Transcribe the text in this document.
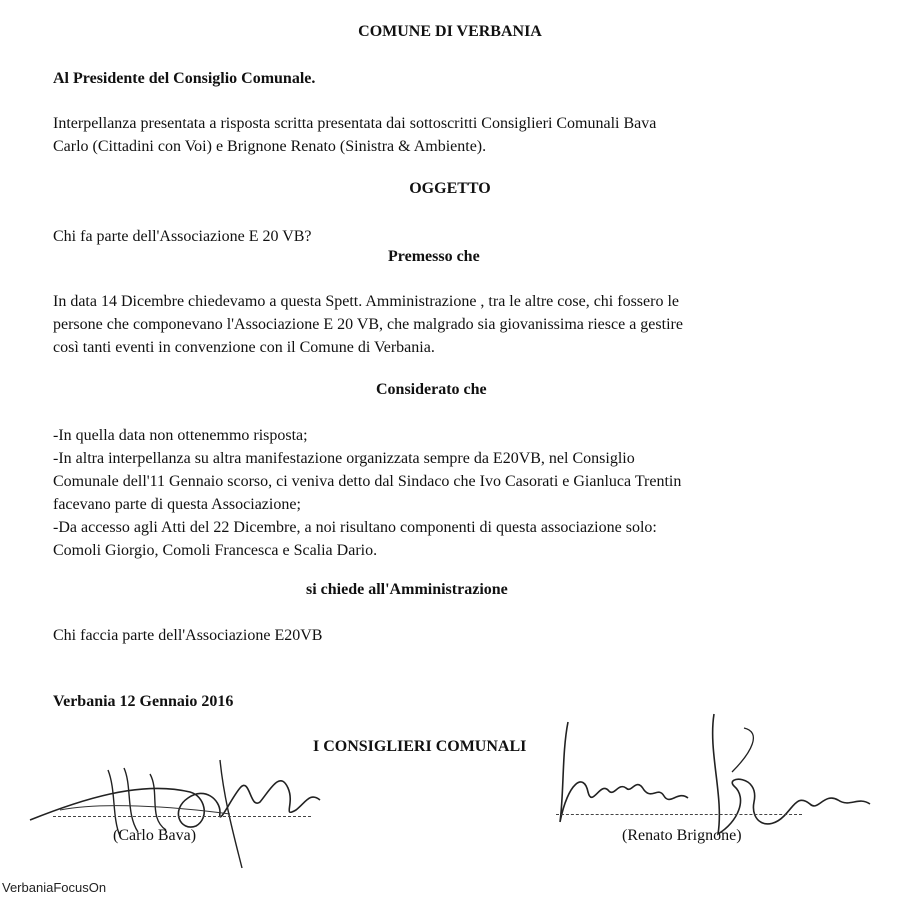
COMUNE DI VERBANIA
Al Presidente del Consiglio Comunale.
Interpellanza presentata a risposta scritta presentata dai sottoscritti Consiglieri Comunali Bava
Carlo (Cittadini con Voi) e Brignone Renato (Sinistra & Ambiente).
OGGETTO
Chi fa parte dell'Associazione E 20 VB?
Premesso che
In data 14 Dicembre chiedevamo a questa Spett. Amministrazione , tra le altre cose, chi fossero le
persone che componevano l'Associazione E 20 VB, che malgrado sia giovanissima riesce a gestire
così tanti eventi in convenzione con il Comune di Verbania.
Considerato che
-In quella data non ottenemmo risposta;
-In altra interpellanza su altra manifestazione organizzata sempre da E20VB, nel Consiglio
Comunale dell'11 Gennaio scorso, ci veniva detto dal Sindaco che Ivo Casorati e Gianluca Trentin
facevano parte di questa Associazione;
-Da accesso agli Atti del 22 Dicembre, a noi risultano componenti di questa associazione solo:
Comoli Giorgio, Comoli Francesca e Scalia Dario.
si chiede all'Amministrazione
Chi faccia parte dell'Associazione E20VB
Verbania 12 Gennaio 2016
I CONSIGLIERI COMUNALI
(Carlo Bava)	(Renato Brignone)
VerbaniaFocusOn
